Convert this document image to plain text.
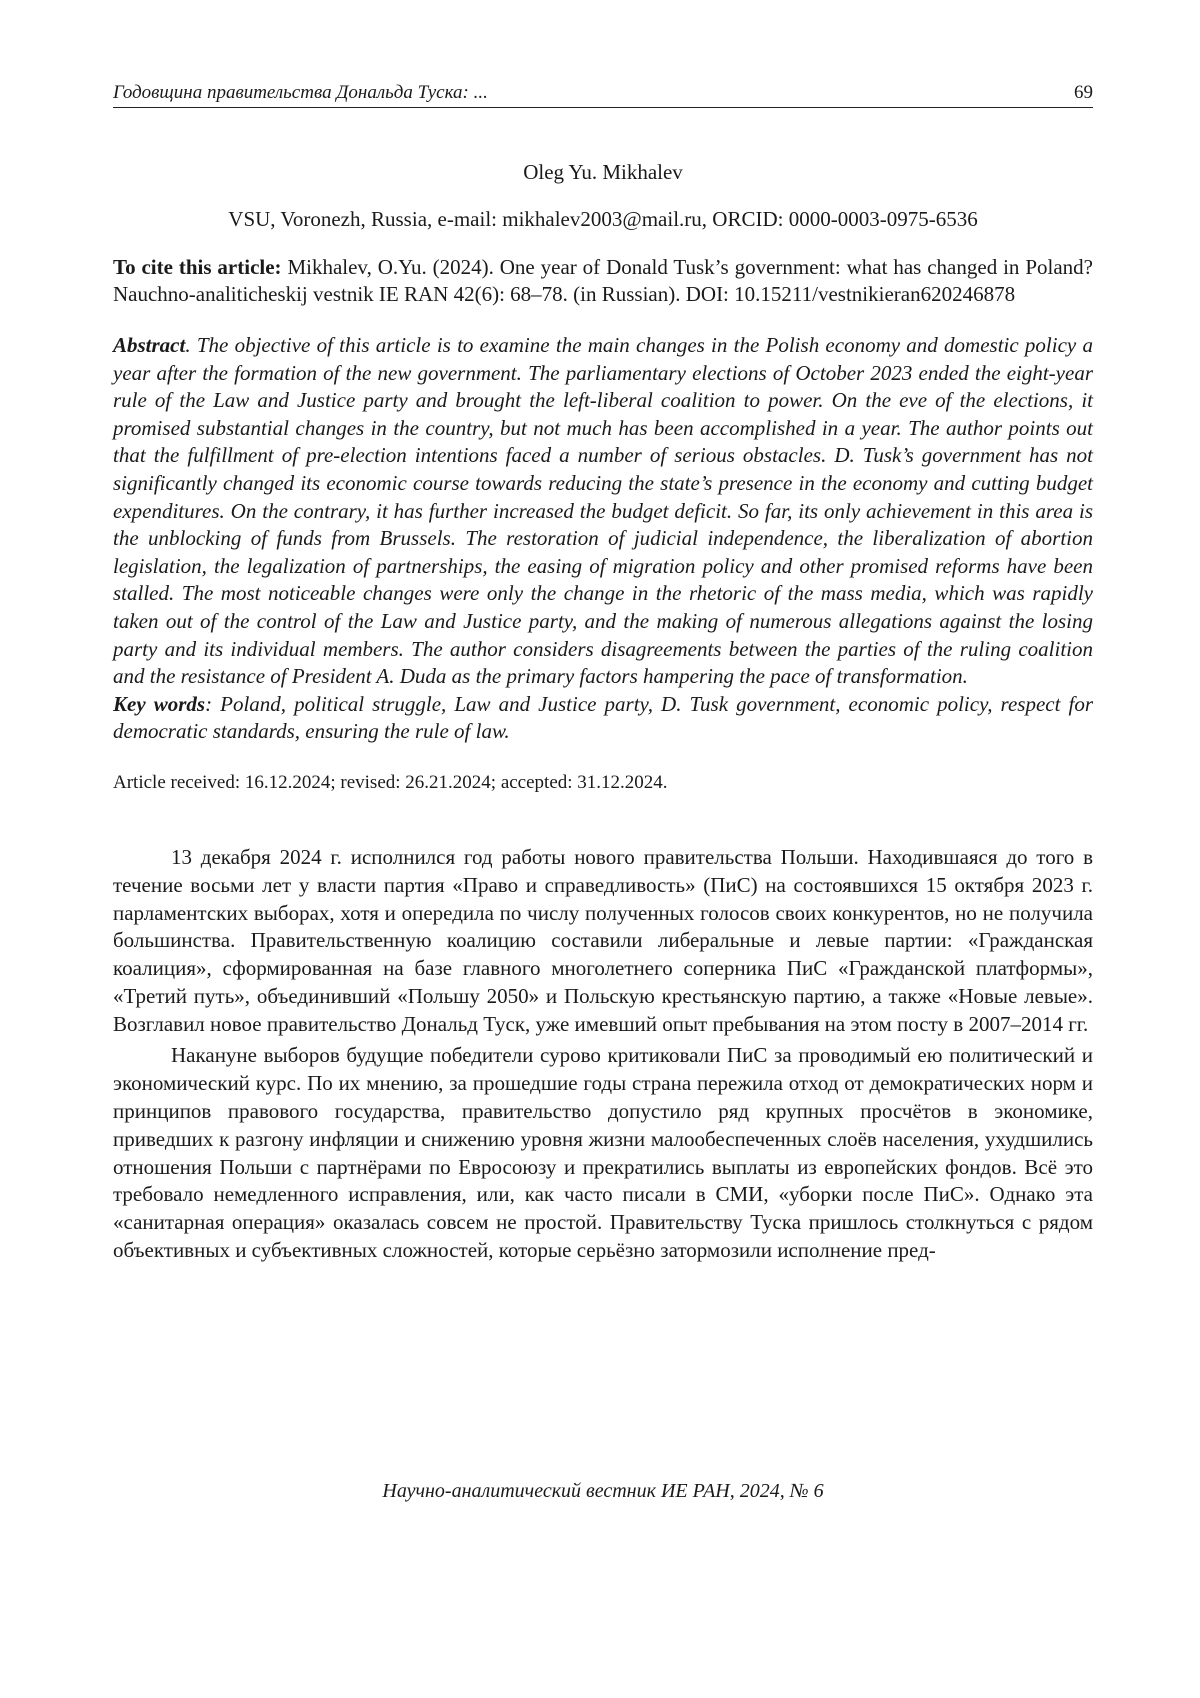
Годовщина правительства Дональда Туска: ...	69
Oleg Yu. Mikhalev
VSU, Voronezh, Russia, e-mail: mikhalev2003@mail.ru, ORCID: 0000-0003-0975-6536
To cite this article: Mikhalev, O.Yu. (2024). One year of Donald Tusk’s government: what has changed in Poland? Nauchno-analiticheskij vestnik IE RAN 42(6): 68–78. (in Russian). DOI: 10.15211/vestnikieran620246878
Abstract. The objective of this article is to examine the main changes in the Polish economy and domestic policy a year after the formation of the new government. The parliamentary elections of October 2023 ended the eight-year rule of the Law and Justice party and brought the left-liberal coalition to power. On the eve of the elections, it promised substantial changes in the country, but not much has been accomplished in a year. The author points out that the fulfillment of pre-election intentions faced a number of serious obstacles. D. Tusk’s government has not significantly changed its economic course towards reducing the state’s presence in the economy and cutting budget expenditures. On the contrary, it has further increased the budget deficit. So far, its only achievement in this area is the unblocking of funds from Brussels. The restoration of judicial independence, the liberalization of abortion legislation, the legalization of partnerships, the easing of migration policy and other promised reforms have been stalled. The most noticeable changes were only the change in the rhetoric of the mass media, which was rapidly taken out of the control of the Law and Justice party, and the making of numerous allegations against the losing party and its individual members. The author considers disagreements between the parties of the ruling coalition and the resistance of President A. Duda as the primary factors hampering the pace of transformation.
Key words: Poland, political struggle, Law and Justice party, D. Tusk government, economic policy, respect for democratic standards, ensuring the rule of law.
Article received: 16.12.2024; revised: 26.21.2024; accepted: 31.12.2024.

13 декабря 2024 г. исполнился год работы нового правительства Польши. Находившаяся до того в течение восьми лет у власти партия «Право и справедливость» (ПиС) на состоявшихся 15 октября 2023 г. парламентских выборах, хотя и опередила по числу полученных голосов своих конкурентов, но не получила большинства. Правительственную коалицию составили либеральные и левые партии: «Гражданская коалиция», сформированная на базе главного многолетнего соперника ПиС «Гражданской платформы», «Третий путь», объединивший «Польшу 2050» и Польскую крестьянскую партию, а также «Новые левые». Возглавил новое правительство Дональд Туск, уже имевший опыт пребывания на этом посту в 2007–2014 гг.

Накануне выборов будущие победители сурово критиковали ПиС за проводимый ею политический и экономический курс. По их мнению, за прошедшие годы страна пережила отход от демократических норм и принципов правового государства, правительство допустило ряд крупных просчётов в экономике, приведших к разгону инфляции и снижению уровня жизни малообеспеченных слоёв населения, ухудшились отношения Польши с партнёрами по Евросоюзу и прекратились выплаты из европейских фондов. Всё это требовало немедленного исправления, или, как часто писали в СМИ, «уборки после ПиС». Однако эта «санитарная операция» оказалась совсем не простой. Правительству Туска пришлось столкнуться с рядом объективных и субъективных сложностей, которые серьёзно затормозили исполнение пред-

Научно-аналитический вестник ИЕ РАН, 2024, № 6
